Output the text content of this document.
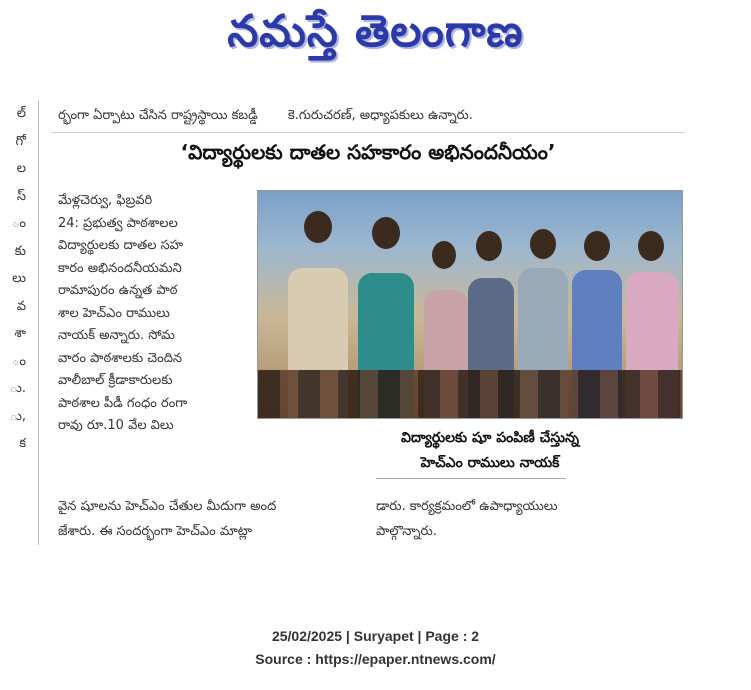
నమస్తే తెలంగాణ
ల్
గో
ల
స్
ం
కు
లు
వ
శా
ం
ు.
ు,
క
ర్భంగా ఏర్పాటు చేసిన రాష్ట్రస్థాయి కబడ్డీ కె.గురుచరణ్, అధ్యాపకులు ఉన్నారు.
‘విద్యార్థులకు దాతల సహకారం అభినందనీయం’
మేళ్లచెర్వు, ఫిబ్రవరి
24: ప్రభుత్వ పాఠశాలల
విద్యార్థులకు దాతల సహ
కారం అభినందనీయమని
రామాపురం ఉన్నత పాఠ
శాల హెచ్ఎం రాములు
నాయక్ అన్నారు. సోమ
వారం పాఠశాలకు చెందిన
వాలీబాల్ క్రీడాకారులకు
పాఠశాల పీడీ గంధం రంగా
రావు రూ.10 వేల విలు
విద్యార్థులకు షూ పంపిణీ చేస్తున్న
హెచ్ఎం రాములు నాయక్
వైన షూలను హెచ్ఎం చేతుల మీదుగా అంద
జేశారు. ఈ సందర్భంగా హెచ్ఎం మాట్లా
డారు. కార్యక్రమంలో ఉపాధ్యాయులు
పాల్గొన్నారు.
25/02/2025 | Suryapet | Page : 2
Source : https://epaper.ntnews.com/
